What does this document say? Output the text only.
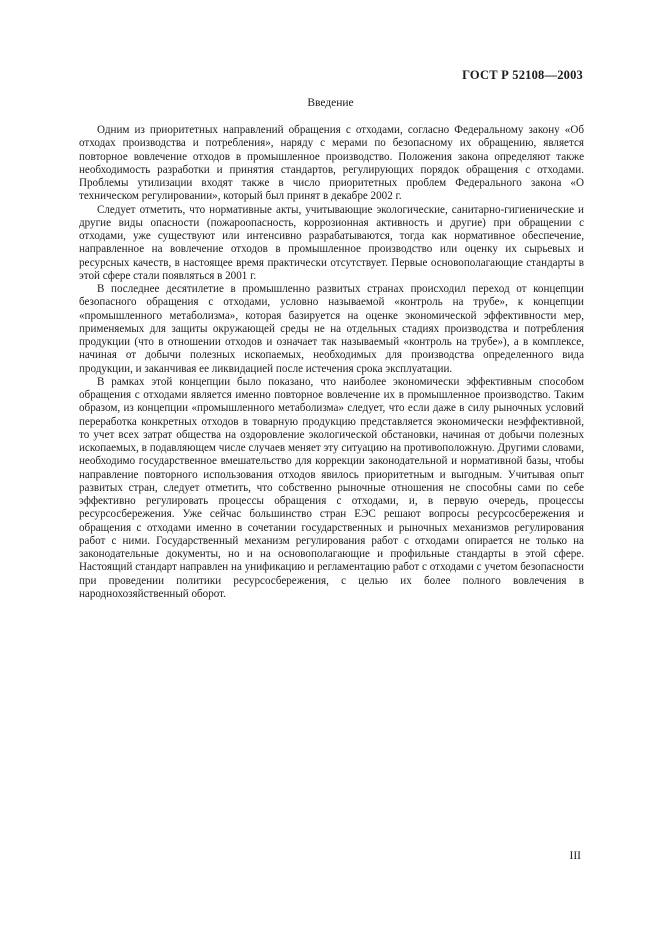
ГОСТ Р 52108—2003
Введение

Одним из приоритетных направлений обращения с отходами, согласно Федеральному закону «Об отходах производства и потребления», наряду с мерами по безопасному их обращению, является повторное вовлечение отходов в промышленное производство. Положения закона определяют также необходимость разработки и принятия стандартов, регулирующих порядок обращения с отходами. Проблемы утилизации входят также в число приоритетных проблем Федерального закона «О техническом регулировании», который был принят в декабре 2002 г.

Следует отметить, что нормативные акты, учитывающие экологические, санитарно-гигиенические и другие виды опасности (пожароопасность, коррозионная активность и другие) при обращении с отходами, уже существуют или интенсивно разрабатываются, тогда как нормативное обеспечение, направленное на вовлечение отходов в промышленное производство или оценку их сырьевых и ресурсных качеств, в настоящее время практически отсутствует. Первые основополагающие стандарты в этой сфере стали появляться в 2001 г.

В последнее десятилетие в промышленно развитых странах происходил переход от концепции безопасного обращения с отходами, условно называемой «контроль на трубе», к концепции «промышленного метаболизма», которая базируется на оценке экономической эффективности мер, применяемых для защиты окружающей среды не на отдельных стадиях производства и потребления продукции (что в отношении отходов и означает так называемый «контроль на трубе»), а в комплексе, начиная от добычи полезных ископаемых, необходимых для производства определенного вида продукции, и заканчивая ее ликвидацией после истечения срока эксплуатации.

В рамках этой концепции было показано, что наиболее экономически эффективным способом обращения с отходами является именно повторное вовлечение их в промышленное производство. Таким образом, из концепции «промышленного метаболизма» следует, что если даже в силу рыночных условий переработка конкретных отходов в товарную продукцию представляется экономически неэффективной, то учет всех затрат общества на оздоровление экологической обстановки, начиная от добычи полезных ископаемых, в подавляющем числе случаев меняет эту ситуацию на противоположную. Другими словами, необходимо государственное вмешательство для коррекции законодательной и нормативной базы, чтобы направление повторного использования отходов явилось приоритетным и выгодным. Учитывая опыт развитых стран, следует отметить, что собственно рыночные отношения не способны сами по себе эффективно регулировать процессы обращения с отходами, и, в первую очередь, процессы ресурсосбережения. Уже сейчас большинство стран ЕЭС решают вопросы ресурсосбережения и обращения с отходами именно в сочетании государственных и рыночных механизмов регулирования работ с ними. Государственный механизм регулирования работ с отходами опирается не только на законодательные документы, но и на основополагающие и профильные стандарты в этой сфере. Настоящий стандарт направлен на унификацию и регламентацию работ с отходами с учетом безопасности при проведении политики ресурсосбережения, с целью их более полного вовлечения в народнохозяйственный оборот.

III
